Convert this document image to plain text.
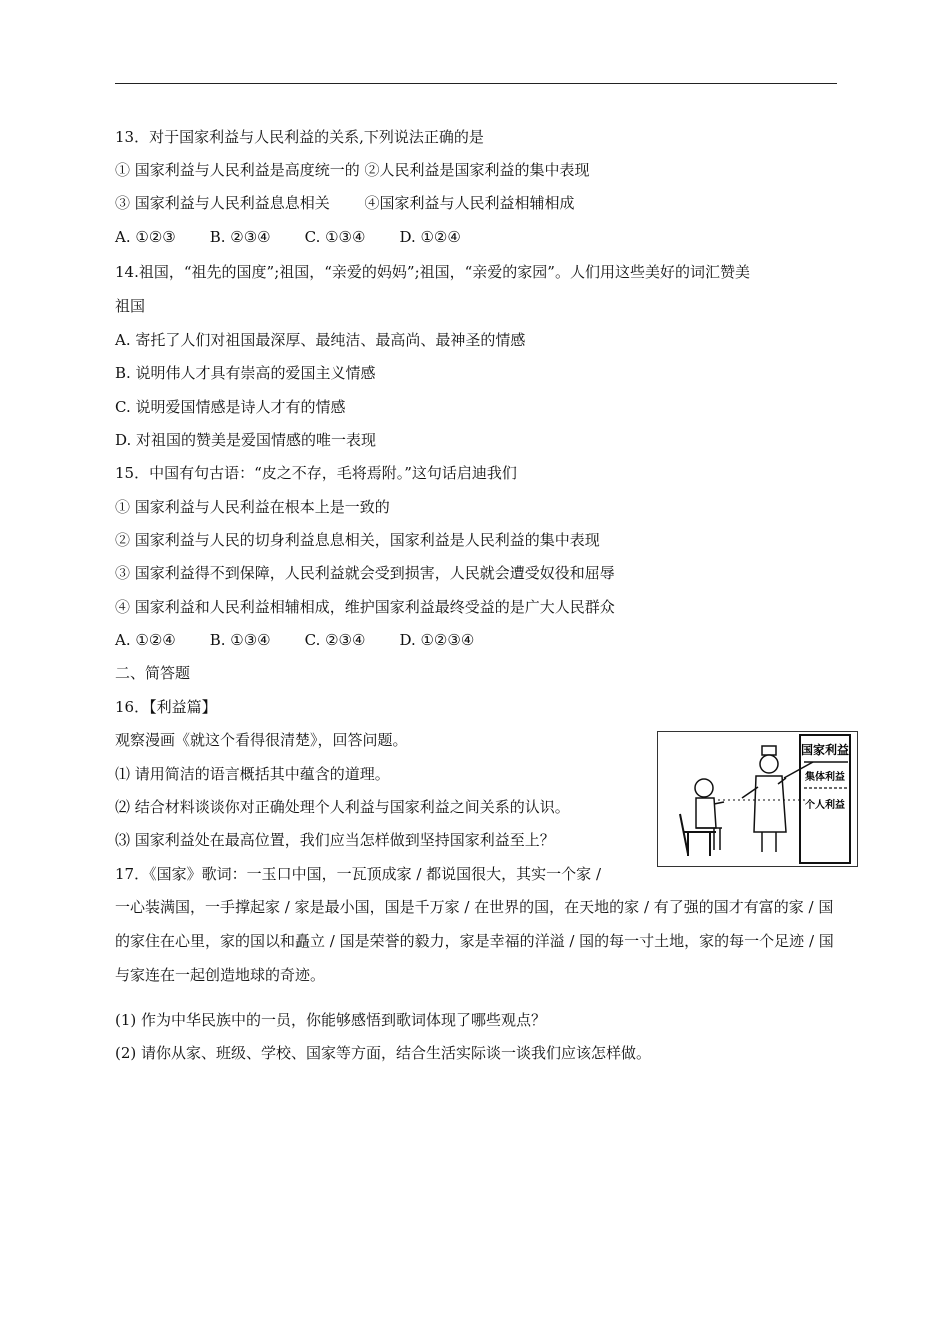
13．对于国家利益与人民利益的关系,下列说法正确的是
① 国家利益与人民利益是高度统一的 ②人民利益是国家利益的集中表现
③ 国家利益与人民利益息息相关　　 ④国家利益与人民利益相辅相成
A. ①②③ B. ②③④ C. ①③④ D. ①②④
14.祖国，“祖先的国度”;祖国，“亲爱的妈妈”;祖国，“亲爱的家园”。人们用这些美好的词汇赞美
祖国
A. 寄托了人们对祖国最深厚、最纯洁、最高尚、最神圣的情感
B. 说明伟人才具有崇高的爱国主义情感
C. 说明爱国情感是诗人才有的情感
D. 对祖国的赞美是爱国情感的唯一表现
15．中国有句古语：“皮之不存，毛将焉附。”这句话启迪我们
① 国家利益与人民利益在根本上是一致的
② 国家利益与人民的切身利益息息相关，国家利益是人民利益的集中表现
③ 国家利益得不到保障，人民利益就会受到损害，人民就会遭受奴役和屈辱
④ 国家利益和人民利益相辅相成，维护国家利益最终受益的是广大人民群众
A. ①②④ B. ①③④ C. ②③④ D. ①②③④
二、简答题
16．【利益篇】
观察漫画《就这个看得很清楚》，回答问题。
⑴ 请用简洁的语言概括其中蕴含的道理。
⑵ 结合材料谈谈你对正确处理个人利益与国家利益之间关系的认识。
⑶ 国家利益处在最高位置，我们应当怎样做到坚持国家利益至上？
国家利益
集体利益
个人利益
17．《国家》歌词：一玉口中国，一瓦顶成家 / 都说国很大，其实一个家 /
一心装满国，一手撑起家 / 家是最小国，国是千万家 / 在世界的国，在天地的家 / 有了强的国才有富的家 / 国的家住在心里，家的国以和矗立 / 国是荣誉的毅力，家是幸福的洋溢 / 国的每一寸土地，家的每一个足迹 / 国与家连在一起创造地球的奇迹。
(1) 作为中华民族中的一员，你能够感悟到歌词体现了哪些观点？
(2) 请你从家、班级、学校、国家等方面，结合生活实际谈一谈我们应该怎样做。
